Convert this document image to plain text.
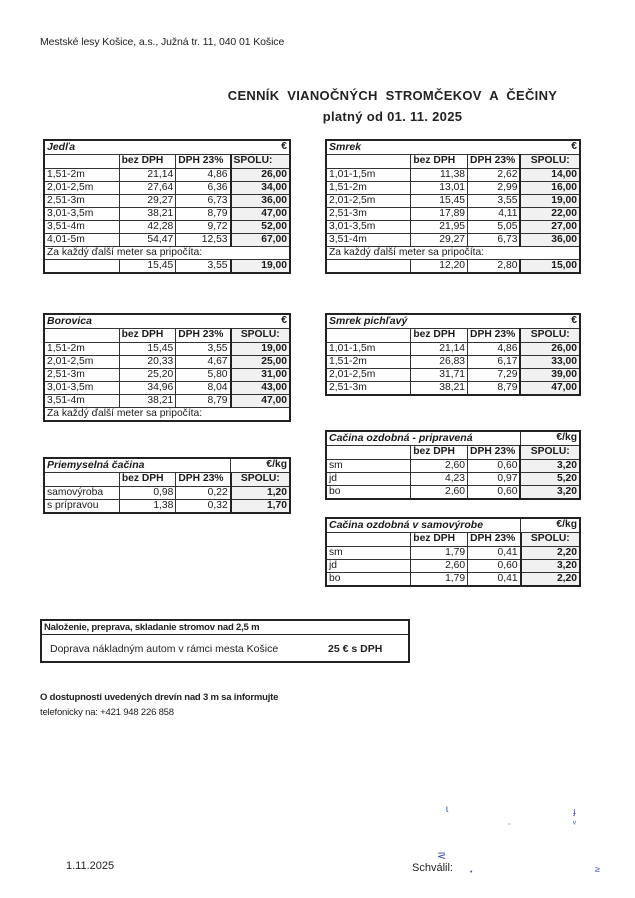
Mestské lesy Košice, a.s., Južná tr. 11, 040 01 Košice
CENNÍK VIANOČNÝCH STROMČEKOV A ČEČINY
platný od 01. 11. 2025
Jedľa			€
	bez DPH	DPH 23%	SPOLU:
1,51-2m	21,14	4,86	26,00
2,01-2,5m	27,64	6,36	34,00
2,51-3m	29,27	6,73	36,00
3,01-3,5m	38,21	8,79	47,00
3,51-4m	42,28	9,72	52,00
4,01-5m	54,47	12,53	67,00
Za každý ďalší meter sa pripočíta:			
	15,45	3,55	19,00
Smrek			€
	bez DPH	DPH 23%	SPOLU:
1,01-1,5m	11,38	2,62	14,00
1,51-2m	13,01	2,99	16,00
2,01-2,5m	15,45	3,55	19,00
2,51-3m	17,89	4,11	22,00
3,01-3,5m	21,95	5,05	27,00
3,51-4m	29,27	6,73	36,00
Za každý ďalší meter sa pripočíta:			
	12,20	2,80	15,00
Borovica			€
	bez DPH	DPH 23%	SPOLU:
1,51-2m	15,45	3,55	19,00
2,01-2,5m	20,33	4,67	25,00
2,51-3m	25,20	5,80	31,00
3,01-3,5m	34,96	8,04	43,00
3,51-4m	38,21	8,79	47,00
Za každý ďalší meter sa pripočíta:			
Smrek pichľavý			€
	bez DPH	DPH 23%	SPOLU:
1,01-1,5m	21,14	4,86	26,00
1,51-2m	26,83	6,17	33,00
2,01-2,5m	31,71	7,29	39,00
2,51-3m	38,21	8,79	47,00
Priemyselná čačina			€/kg
	bez DPH	DPH 23%	SPOLU:
samovýroba	0,98	0,22	1,20
s prípravou	1,38	0,32	1,70
Cačina ozdobná - pripravená			€/kg
	bez DPH	DPH 23%	SPOLU:
sm	2,60	0,60	3,20
jd	4,23	0,97	5,20
bo	2,60	0,60	3,20
Cačina ozdobná v samovýrobe			€/kg
	bez DPH	DPH 23%	SPOLU:
sm	1,79	0,41	2,20
jd	2,60	0,60	3,20
bo	1,79	0,41	2,20
Naloženie, preprava, skladanie stromov nad 2,5 m
Doprava nákladným autom v rámci mesta Košice	25 € s DPH
O dostupnosti uvedených drevín nad 3 m sa informujte
telefonicky na: +421 948 226 858
1.11.2025	Schválil:
ɩ	ɟ
ᵥ
ˇ
⋜
•	≥
